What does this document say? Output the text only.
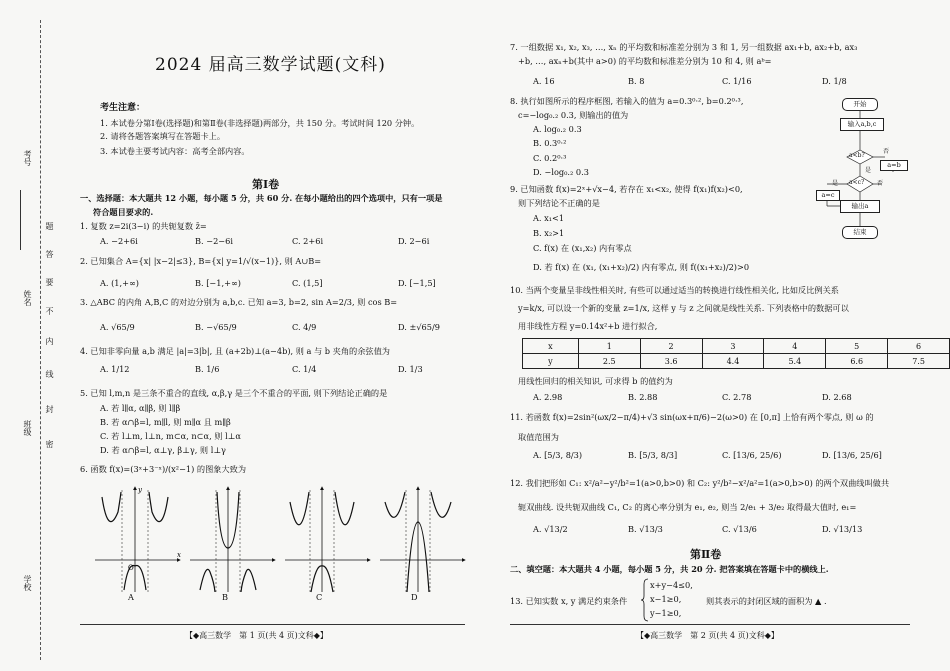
考号
姓名
班级
学校
密
封
线
内
不
要
答
题
2024 届高三数学试题(文科)
考生注意：
1. 本试卷分第Ⅰ卷(选择题)和第Ⅱ卷(非选择题)两部分，共 150 分。考试时间 120 分钟。
2. 请将各题答案填写在答题卡上。
3. 本试卷主要考试内容：高考全部内容。
第Ⅰ卷
一、选择题：本大题共 12 小题，每小题 5 分，共 60 分. 在每小题给出的四个选项中，只有一项是
符合题目要求的.
1. 复数 z=2i(3−i) 的共轭复数 z̄=
A. −2+6i	B. −2−6i	C. 2+6i	D. 2−6i
2. 已知集合 A={x| |x−2|≤3}, B={x| y=1/√(x−1)}, 则 A∪B=
A. (1,+∞)	B. [−1,+∞)	C. (1,5]	D. [−1,5]
3. △ABC 的内角 A,B,C 的对边分别为 a,b,c. 已知 a=3, b=2, sin A=2/3, 则 cos B=
A. √65/9	B. −√65/9	C. 4/9	D. ±√65/9
4. 已知非零向量 a,b 满足 |a|=3|b|, 且 (a+2b)⊥(a−4b), 则 a 与 b 夹角的余弦值为
A. 1/12	B. 1/6	C. 1/4	D. 1/3
5. 已知 l,m,n 是三条不重合的直线, α,β,γ 是三个不重合的平面, 则下列结论正确的是
A. 若 l∥α, α∥β, 则 l∥β
B. 若 α∩β=l, m∥l, 则 m∥α 且 m∥β
C. 若 l⊥m, l⊥n, m⊂α, n⊂α, 则 l⊥α
D. 若 α∩β=l, α⊥γ, β⊥γ, 则 l⊥γ
6. 函数 f(x)=(3ˣ+3⁻ˣ)/(x²−1) 的图象大致为
O
x
y
A	B	C	D
【◆高三数学　第 1 页(共 4 页)文科◆】
7. 一组数据 x₁, x₂, x₃, …, xₙ 的平均数和标准差分别为 3 和 1, 另一组数据 ax₁+b, ax₂+b, ax₃
+b, …, axₙ+b(其中 a>0) 的平均数和标准差分别为 10 和 4, 则 aᵇ=
A. 16	B. 8	C. 1/16	D. 1/8
8. 执行如图所示的程序框图, 若输入的值为 a=0.3⁰·², b=0.2⁰·³,
c=−log₀.₂ 0.3, 则输出的值为
A. log₀.₂ 0.3
B. 0.3⁰·²
C. 0.2⁰·³
D. −log₀.₂ 0.3
开始
输入a,b,c
a<b?
a<c?
a=b
a=c
输出a
结束
否
是
是	否
9. 已知函数 f(x)=2ˣ+√x−4, 若存在 x₁<x₂, 使得 f(x₁)f(x₂)<0,
则下列结论不正确的是
A. x₁<1
B. x₂>1
C. f(x) 在 (x₁,x₂) 内有零点
D. 若 f(x) 在 (x₁, (x₁+x₂)/2) 内有零点, 则 f((x₁+x₂)/2)>0
10. 当两个变量呈非线性相关时, 有些可以通过适当的转换进行线性相关化, 比如反比例关系
y=k/x, 可以设一个新的变量 z=1/x, 这样 y 与 z 之间就是线性关系. 下列表格中的数据可以
用非线性方程 y=0.14x²+b 进行拟合,
x	1	2	3	4	5	6
y	2.5	3.6	4.4	5.4	6.6	7.5
用线性回归的相关知识, 可求得 b 的值约为
A. 2.98	B. 2.88	C. 2.78	D. 2.68
11. 若函数 f(x)=2sin²(ωx/2−π/4)+√3 sin(ωx+π/6)−2(ω>0) 在 [0,π] 上恰有两个零点, 则 ω 的
取值范围为
A. [5/3, 8/3)	B. [5/3, 8/3]	C. [13/6, 25/6)	D. [13/6, 25/6]
12. 我们把形如 C₁: x²/a²−y²/b²=1(a>0,b>0) 和 C₂: y²/b²−x²/a²=1(a>0,b>0) 的两个双曲线叫做共
轭双曲线. 设共轭双曲线 C₁, C₂ 的离心率分别为 e₁, e₂, 则当 2/e₁ + 3/e₂ 取得最大值时, e₁=
A. √13/2	B. √13/3	C. √13/6	D. √13/13
第Ⅱ卷
二、填空题：本大题共 4 小题，每小题 5 分，共 20 分. 把答案填在答题卡中的横线上.
13. 已知实数 x, y 满足约束条件
x+y−4≤0,
x−1≥0,
y−1≥0,
则其表示的封闭区域的面积为 ▲ .
【◆高三数学　第 2 页(共 4 页)文科◆】
